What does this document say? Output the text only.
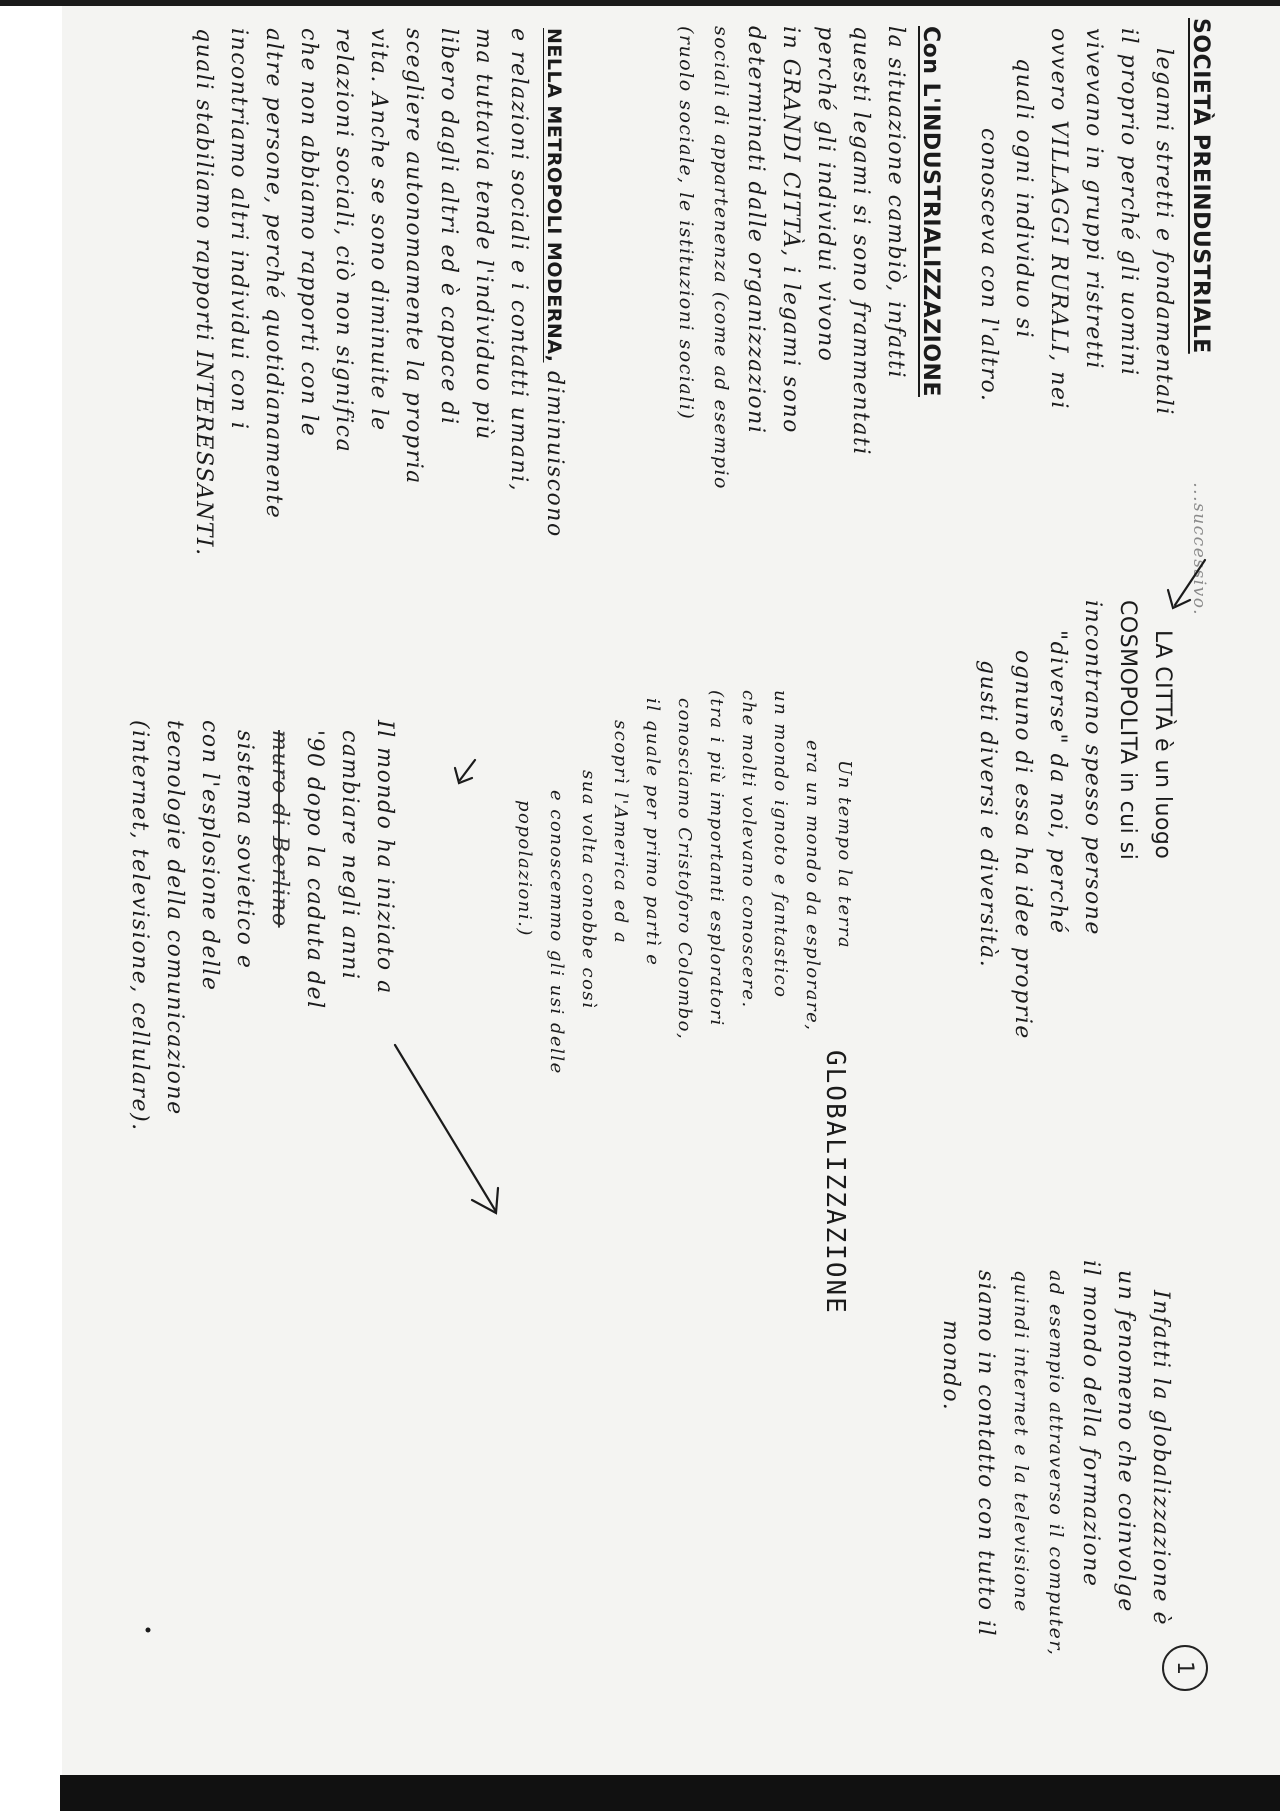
SOCIETÀ PREINDUSTRIALE ...successivo.
legami stretti e fondamentali
il proprio perché gli uomini
vivevano in gruppi ristretti
ovvero VILLAGGI RURALI, nei
quali ogni individuo si
conosceva con l'altro.
Con L'INDUSTRIALIZZAZIONE
la situazione cambiò, infatti
questi legami si sono frammentati
perché gli individui vivono
in GRANDI CITTÀ, i legami sono
determinati dalle organizzazioni
sociali di appartenenza (come ad esempio
(ruolo sociale, le istituzioni sociali)
NELLA METROPOLI MODERNA, diminuiscono
e relazioni sociali e i contatti umani,
ma tuttavia tende l'individuo più
libero dagli altri ed è capace di
scegliere autonomamente la propria
vita. Anche se sono diminuite le
relazioni sociali, ciò non significa
che non abbiamo rapporti con le
altre persone, perché quotidianamente
incontriamo altri individui con i
quali stabiliamo rapporti INTERESSANTI.
LA CITTÀ è un luogo
COSMOPOLITA in cui si
incontrano spesso persone
"diverse" da noi, perché
ognuno di essa ha idee proprie
gusti diversi e diversità.
Un tempo la terra
era un mondo da esplorare,
un mondo ignoto e fantastico
che molti volevano conoscere.
(tra i più importanti esploratori
conosciamo Cristoforo Colombo,
il quale per primo partì e
scoprì l'America ed a
sua volta conobbe così
e conoscemmo gli usi delle
popolazioni.)
Il mondo ha iniziato a
cambiare negli anni
'90 dopo la caduta del
muro di Berlino
sistema sovietico e
con l'esplosione delle
tecnologie della comunicazione
(internet, televisione, cellulare).
GLOBALIZZAZIONE
Infatti la globalizzazione è
un fenomeno che coinvolge
il mondo della formazione
ad esempio attraverso il computer,
quindi internet e la televisione
siamo in contatto con tutto il
mondo.
1
